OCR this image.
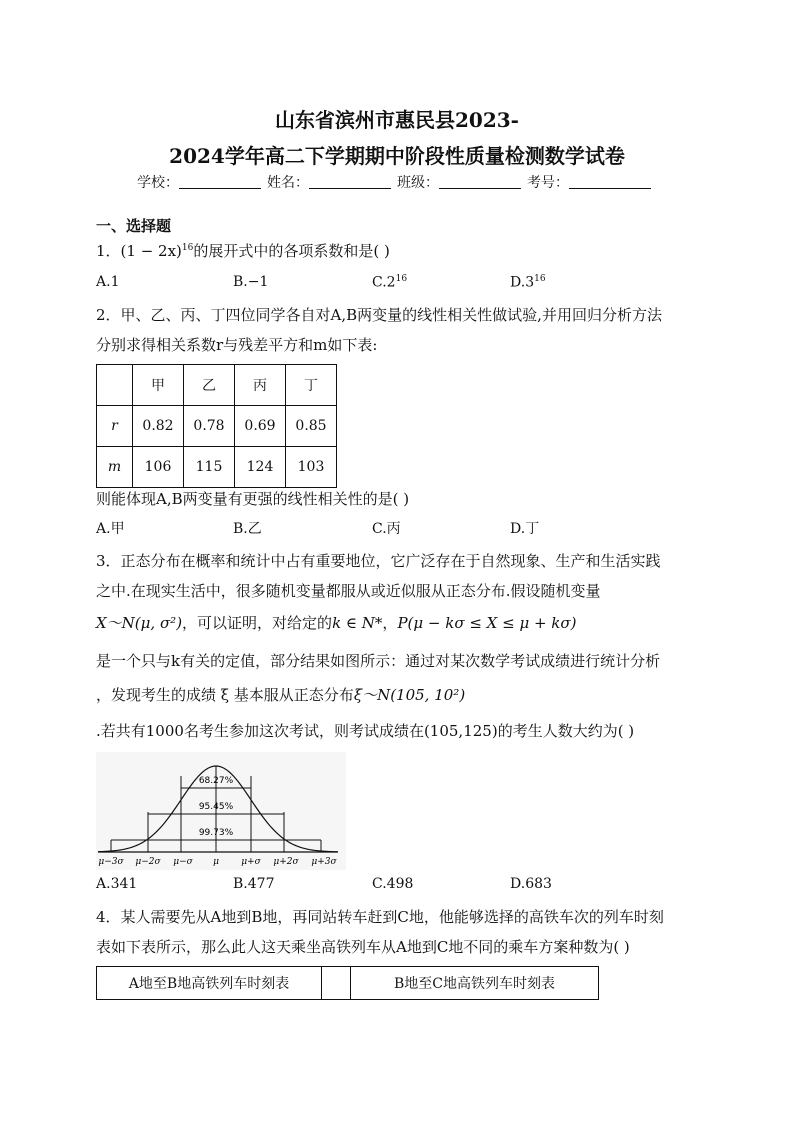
山东省滨州市惠民县2023-
2024学年高二下学期期中阶段性质量检测数学试卷
学校：	姓名：	班级：	考号：
一、选择题
1．$(1 - 2x)^{16}$的展开式中的各项系数和是( )
A.1	B.−1	$C.2^{16}$	$D.3^{16}$
2．甲、乙、丙、丁四位同学各自对A,B两变量的线性相关性做试验,并用回归分析方法
分别求得相关系数r与残差平方和m如下表:
	甲	乙	丙	丁
r	0.82	0.78	0.69	0.85
m	106	115	124	103
则能体现A,B两变量有更强的线性相关性的是( )
A.甲	B.乙	C.丙	D.丁
3．正态分布在概率和统计中占有重要地位，它广泛存在于自然现象、生产和生活实践
之中.在现实生活中，很多随机变量都服从或近似服从正态分布.假设随机变量
X～N(μ, σ²)，可以证明，对给定的k ∈ N*，P(μ − kσ ≤ X ≤ μ + kσ)
是一个只与k有关的定值，部分结果如图所示：通过对某次数学考试成绩进行统计分析
，发现考生的成绩 ξ 基本服从正态分布ξ～N(105, 10²)
.若共有1000名考生参加这次考试，则考试成绩在(105,125)的考生人数大约为( )
68.27%
95.45%
99.73%
μ−3σ μ−2σ μ−σ μ μ+σ μ+2σ μ+3σ
A.341	B.477	C.498	D.683
4．某人需要先从A地到B地，再同站转车赶到C地，他能够选择的高铁车次的列车时刻
表如下表所示，那么此人这天乘坐高铁列车从A地到C地不同的乘车方案种数为( )
A地至B地高铁列车时刻表		B地至C地高铁列车时刻表
